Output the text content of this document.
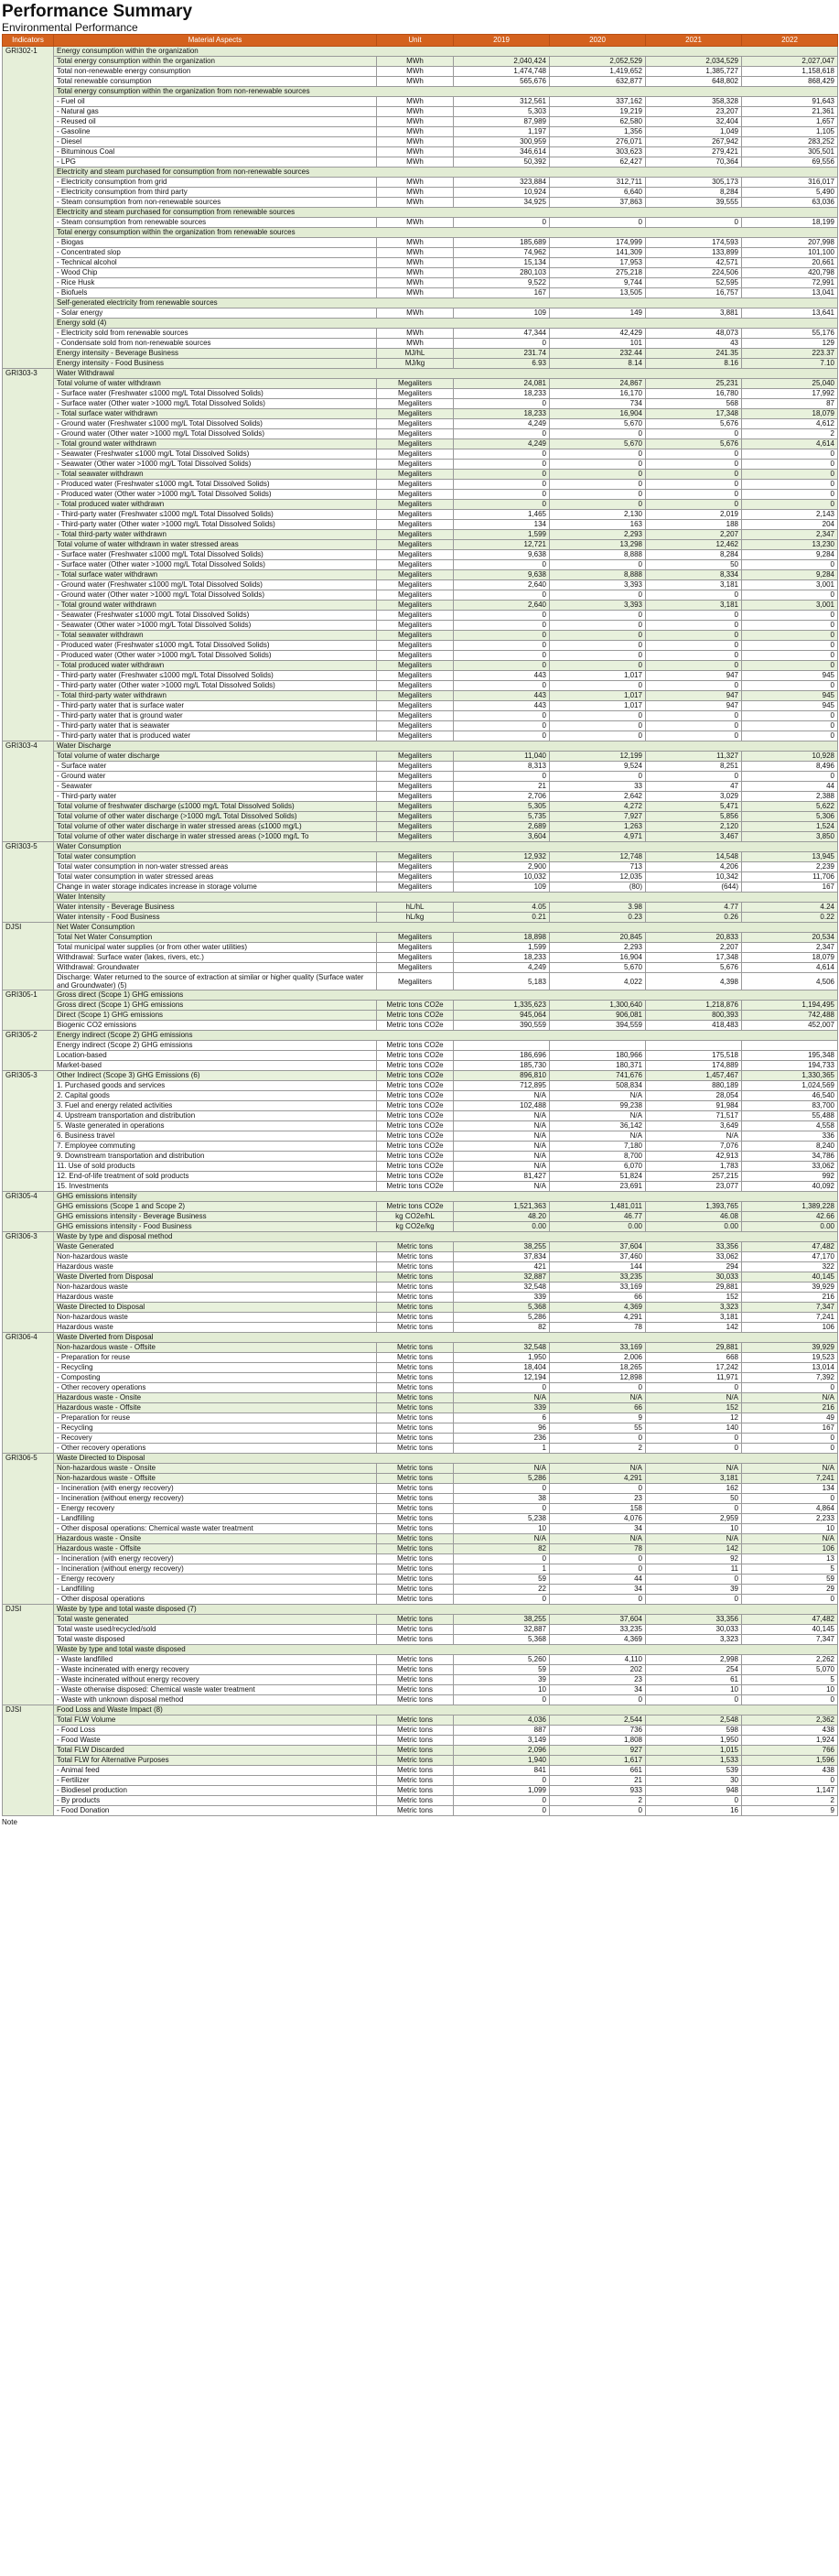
Performance Summary
Environmental Performance
Indicators	Material Aspects	Unit	2019	2020	2021	2022
GRI302-1	Energy consumption within the organization					
	Total energy consumption within the organization	MWh	2,040,424	2,052,529	2,034,529	2,027,047
	Total non-renewable energy consumption	MWh	1,474,748	1,419,652	1,385,727	1,158,618
	Total renewable consumption	MWh	565,676	632,877	648,802	868,429
	Total energy consumption within the organization from non-renewable sources					
	- Fuel oil	MWh	312,561	337,162	358,328	91,643
	- Natural gas	MWh	5,303	19,219	23,207	21,361
	- Reused oil	MWh	87,989	62,580	32,404	1,657
	- Gasoline	MWh	1,197	1,356	1,049	1,105
	- Diesel	MWh	300,959	276,071	267,942	283,252
	- Bituminous Coal	MWh	346,614	303,623	279,421	305,501
	- LPG	MWh	50,392	62,427	70,364	69,556
	Electricity and steam purchased for consumption from non-renewable sources					
	- Electricity consumption from grid	MWh	323,884	312,711	305,173	316,017
	- Electricity consumption from third party	MWh	10,924	6,640	8,284	5,490
	- Steam consumption from non-renewable sources	MWh	34,925	37,863	39,555	63,036
	Electricity and steam purchased for consumption from renewable sources					
	- Steam consumption from renewable sources	MWh	0	0	0	18,199
	Total energy consumption within the organization from renewable sources					
	- Biogas	MWh	185,689	174,999	174,593	207,998
	- Concentrated slop	MWh	74,962	141,309	133,899	101,100
	- Technical alcohol	MWh	15,134	17,953	42,571	20,661
	- Wood Chip	MWh	280,103	275,218	224,506	420,798
	- Rice Husk	MWh	9,522	9,744	52,595	72,991
	- Biofuels	MWh	167	13,505	16,757	13,041
	Self-generated electricity from renewable sources					
	- Solar energy	MWh	109	149	3,881	13,641
	Energy sold (4)					
	- Electricity sold from renewable sources	MWh	47,344	42,429	48,073	55,176
	- Condensate sold from non-renewable sources	MWh	0	101	43	129
	Energy intensity - Beverage Business	MJ/hL	231.74	232.44	241.35	223.37
	Energy intensity - Food Business	MJ/kg	6.93	8.14	8.16	7.10
GRI303-3	Water Withdrawal					
	Total volume of water withdrawn	Megaliters	24,081	24,867	25,231	25,040
	- Surface water (Freshwater ≤1000 mg/L Total Dissolved Solids)	Megaliters	18,233	16,170	16,780	17,992
	- Surface water (Other water >1000 mg/L Total Dissolved Solids)	Megaliters	0	734	568	87
	- Total surface water withdrawn	Megaliters	18,233	16,904	17,348	18,079
	- Ground water (Freshwater ≤1000 mg/L Total Dissolved Solids)	Megaliters	4,249	5,670	5,676	4,612
	- Ground water (Other water >1000 mg/L Total Dissolved Solids)	Megaliters	0	0	0	2
	- Total ground water withdrawn	Megaliters	4,249	5,670	5,676	4,614
	- Seawater (Freshwater ≤1000 mg/L Total Dissolved Solids)	Megaliters	0	0	0	0
	- Seawater (Other water >1000 mg/L Total Dissolved Solids)	Megaliters	0	0	0	0
	- Total seawater withdrawn	Megaliters	0	0	0	0
	- Produced water (Freshwater ≤1000 mg/L Total Dissolved Solids)	Megaliters	0	0	0	0
	- Produced water (Other water >1000 mg/L Total Dissolved Solids)	Megaliters	0	0	0	0
	- Total produced water withdrawn	Megaliters	0	0	0	0
	- Third-party water (Freshwater ≤1000 mg/L Total Dissolved Solids)	Megaliters	1,465	2,130	2,019	2,143
	- Third-party water (Other water >1000 mg/L Total Dissolved Solids)	Megaliters	134	163	188	204
	- Total third-party water withdrawn	Megaliters	1,599	2,293	2,207	2,347
	Total volume of water withdrawn in water stressed areas	Megaliters	12,721	13,298	12,462	13,230
	- Surface water (Freshwater ≤1000 mg/L Total Dissolved Solids)	Megaliters	9,638	8,888	8,284	9,284
	- Surface water (Other water >1000 mg/L Total Dissolved Solids)	Megaliters	0	0	50	0
	- Total surface water withdrawn	Megaliters	9,638	8,888	8,334	9,284
	- Ground water (Freshwater ≤1000 mg/L Total Dissolved Solids)	Megaliters	2,640	3,393	3,181	3,001
	- Ground water (Other water >1000 mg/L Total Dissolved Solids)	Megaliters	0	0	0	0
	- Total ground water withdrawn	Megaliters	2,640	3,393	3,181	3,001
	- Seawater (Freshwater ≤1000 mg/L Total Dissolved Solids)	Megaliters	0	0	0	0
	- Seawater (Other water >1000 mg/L Total Dissolved Solids)	Megaliters	0	0	0	0
	- Total seawater withdrawn	Megaliters	0	0	0	0
	- Produced water (Freshwater ≤1000 mg/L Total Dissolved Solids)	Megaliters	0	0	0	0
	- Produced water (Other water >1000 mg/L Total Dissolved Solids)	Megaliters	0	0	0	0
	- Total produced water withdrawn	Megaliters	0	0	0	0
	- Third-party water (Freshwater ≤1000 mg/L Total Dissolved Solids)	Megaliters	443	1,017	947	945
	- Third-party water (Other water >1000 mg/L Total Dissolved Solids)	Megaliters	0	0	0	0
	- Total third-party water withdrawn	Megaliters	443	1,017	947	945
	- Third-party water that is surface water	Megaliters	443	1,017	947	945
	- Third-party water that is ground water	Megaliters	0	0	0	0
	- Third-party water that is seawater	Megaliters	0	0	0	0
	- Third-party water that is produced water	Megaliters	0	0	0	0
GRI303-4	Water Discharge					
	Total volume of water discharge	Megaliters	11,040	12,199	11,327	10,928
	- Surface water	Megaliters	8,313	9,524	8,251	8,496
	- Ground water	Megaliters	0	0	0	0
	- Seawater	Megaliters	21	33	47	44
	- Third-party water	Megaliters	2,706	2,642	3,029	2,388
	Total volume of freshwater discharge (≤1000 mg/L Total Dissolved Solids)	Megaliters	5,305	4,272	5,471	5,622
	Total volume of other water discharge (>1000 mg/L Total Dissolved Solids)	Megaliters	5,735	7,927	5,856	5,306
	Total volume of other water discharge in water stressed areas (≤1000 mg/L)	Megaliters	2,689	1,263	2,120	1,524
	Total volume of other water discharge in water stressed areas (>1000 mg/L To	Megaliters	3,604	4,971	3,467	3,850
GRI303-5	Water Consumption					
	Total water consumption	Megaliters	12,932	12,748	14,548	13,945
	Total water consumption in non-water stressed areas	Megaliters	2,900	713	4,206	2,239
	Total water consumption in water stressed areas	Megaliters	10,032	12,035	10,342	11,706
	Change in water storage indicates increase in storage volume	Megaliters	109	(80)	(644)	167
	Water Intensity					
	Water intensity - Beverage Business	hL/hL	4.05	3.98	4.77	4.24
	Water intensity - Food Business	hL/kg	0.21	0.23	0.26	0.22
DJSI	Net Water Consumption					
	Total Net Water Consumption	Megaliters	18,898	20,845	20,833	20,534
	Total municipal water supplies (or from other water utilities)	Megaliters	1,599	2,293	2,207	2,347
	Withdrawal: Surface water (lakes, rivers, etc.)	Megaliters	18,233	16,904	17,348	18,079
	Withdrawal: Groundwater	Megaliters	4,249	5,670	5,676	4,614
	Discharge: Water returned to the source of extraction at similar or higher quality (Surface water and Groundwater) (5)	Megaliters	5,183	4,022	4,398	4,506
GRI305-1	Gross direct (Scope 1) GHG emissions					
	Gross direct (Scope 1) GHG emissions	Metric tons CO2e	1,335,623	1,300,640	1,218,876	1,194,495
	Direct (Scope 1) GHG emissions	Metric tons CO2e	945,064	906,081	800,393	742,488
	Biogenic CO2 emissions	Metric tons CO2e	390,559	394,559	418,483	452,007
GRI305-2	Energy indirect (Scope 2) GHG emissions					
	Energy indirect (Scope 2) GHG emissions	Metric tons CO2e				
	Location-based	Metric tons CO2e	186,696	180,966	175,518	195,348
	Market-based	Metric tons CO2e	185,730	180,371	174,889	194,733
GRI305-3	Other Indirect (Scope 3) GHG Emissions (6)	Metric tons CO2e	896,810	741,676	1,457,467	1,330,365
	1. Purchased goods and services	Metric tons CO2e	712,895	508,834	880,189	1,024,569
	2. Capital goods	Metric tons CO2e	N/A	N/A	28,054	46,540
	3. Fuel and energy related activities	Metric tons CO2e	102,488	99,238	91,984	83,700
	4. Upstream transportation and distribution	Metric tons CO2e	N/A	N/A	71,517	55,488
	5. Waste generated in operations	Metric tons CO2e	N/A	36,142	3,649	4,558
	6. Business travel	Metric tons CO2e	N/A	N/A	N/A	336
	7. Employee commuting	Metric tons CO2e	N/A	7,180	7,076	8,240
	9. Downstream transportation and distribution	Metric tons CO2e	N/A	8,700	42,913	34,786
	11. Use of sold products	Metric tons CO2e	N/A	6,070	1,783	33,062
	12. End-of-life treatment of sold products	Metric tons CO2e	81,427	51,824	257,215	992
	15. Investments	Metric tons CO2e	N/A	23,691	23,077	40,092
GRI305-4	GHG emissions intensity					
	GHG emissions (Scope 1 and Scope 2)	Metric tons CO2e	1,521,363	1,481,011	1,393,765	1,389,228
	GHG emissions intensity - Beverage Business	kg CO2e/hL	48.20	46.77	46.08	42.66
	GHG emissions intensity - Food Business	kg CO2e/kg	0.00	0.00	0.00	0.00
GRI306-3	Waste by type and disposal method					
	Waste Generated	Metric tons	38,255	37,604	33,356	47,482
	Non-hazardous waste	Metric tons	37,834	37,460	33,062	47,170
	Hazardous waste	Metric tons	421	144	294	322
	Waste Diverted from Disposal	Metric tons	32,887	33,235	30,033	40,145
	Non-hazardous waste	Metric tons	32,548	33,169	29,881	39,929
	Hazardous waste	Metric tons	339	66	152	216
	Waste Directed to Disposal	Metric tons	5,368	4,369	3,323	7,347
	Non-hazardous waste	Metric tons	5,286	4,291	3,181	7,241
	Hazardous waste	Metric tons	82	78	142	106
GRI306-4	Waste Diverted from Disposal					
	Non-hazardous waste - Offsite	Metric tons	32,548	33,169	29,881	39,929
	- Preparation for reuse	Metric tons	1,950	2,006	668	19,523
	- Recycling	Metric tons	18,404	18,265	17,242	13,014
	- Composting	Metric tons	12,194	12,898	11,971	7,392
	- Other recovery operations	Metric tons	0	0	0	0
	Hazardous waste - Onsite	Metric tons	N/A	N/A	N/A	N/A
	Hazardous waste - Offsite	Metric tons	339	66	152	216
	- Preparation for reuse	Metric tons	6	9	12	49
	- Recycling	Metric tons	96	55	140	167
	- Recovery	Metric tons	236	0	0	0
	- Other recovery operations	Metric tons	1	2	0	0
GRI306-5	Waste Directed to Disposal					
	Non-hazardous waste - Onsite	Metric tons	N/A	N/A	N/A	N/A
	Non-hazardous waste - Offsite	Metric tons	5,286	4,291	3,181	7,241
	- Incineration (with energy recovery)	Metric tons	0	0	162	134
	- Incineration (without energy recovery)	Metric tons	38	23	50	0
	- Energy recovery	Metric tons	0	158	0	4,864
	- Landfilling	Metric tons	5,238	4,076	2,959	2,233
	- Other disposal operations: Chemical waste water treatment	Metric tons	10	34	10	10
	Hazardous waste - Onsite	Metric tons	N/A	N/A	N/A	N/A
	Hazardous waste - Offsite	Metric tons	82	78	142	106
	- Incineration (with energy recovery)	Metric tons	0	0	92	13
	- Incineration (without energy recovery)	Metric tons	1	0	11	5
	- Energy recovery	Metric tons	59	44	0	59
	- Landfilling	Metric tons	22	34	39	29
	- Other disposal operations	Metric tons	0	0	0	0
DJSI	Waste by type and total waste disposed (7)					
	Total waste generated	Metric tons	38,255	37,604	33,356	47,482
	Total waste used/recycled/sold	Metric tons	32,887	33,235	30,033	40,145
	Total waste disposed	Metric tons	5,368	4,369	3,323	7,347
	Waste by type and total waste disposed					
	- Waste landfilled	Metric tons	5,260	4,110	2,998	2,262
	- Waste incinerated with energy recovery	Metric tons	59	202	254	5,070
	- Waste incinerated without energy recovery	Metric tons	39	23	61	5
	- Waste otherwise disposed: Chemical waste water treatment	Metric tons	10	34	10	10
	- Waste with unknown disposal method	Metric tons	0	0	0	0
DJSI	Food Loss and Waste Impact (8)					
	Total FLW Volume	Metric tons	4,036	2,544	2,548	2,362
	- Food Loss	Metric tons	887	736	598	438
	- Food Waste	Metric tons	3,149	1,808	1,950	1,924
	Total FLW Discarded	Metric tons	2,096	927	1,015	766
	Total FLW for Alternative Purposes	Metric tons	1,940	1,617	1,533	1,596
	- Animal feed	Metric tons	841	661	539	438
	- Fertilizer	Metric tons	0	21	30	0
	- Biodiesel production	Metric tons	1,099	933	948	1,147
	- By products	Metric tons	0	2	0	2
	- Food Donation	Metric tons	0	0	16	9
Note
